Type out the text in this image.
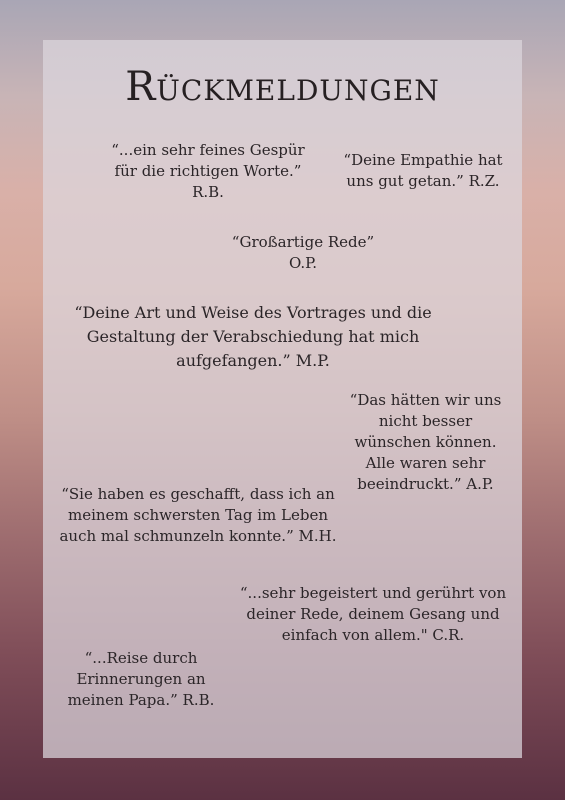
Rückmeldungen
“...ein sehr feines Gespür
für die richtigen Worte.”
R.B.
“Deine Empathie hat
uns gut getan.” R.Z.
“Großartige Rede”
O.P.
“Deine Art und Weise des Vortrages und die
Gestaltung der Verabschiedung hat mich
aufgefangen.” M.P.
“Das hätten wir uns
nicht besser
wünschen können.
Alle waren sehr
beeindruckt.” A.P.
“Sie haben es geschafft, dass ich an
meinem schwersten Tag im Leben
auch mal schmunzeln konnte.” M.H.
“...sehr begeistert und gerührt von
deiner Rede, deinem Gesang und
einfach von allem." C.R.
“...Reise durch
Erinnerungen an
meinen Papa.” R.B.
